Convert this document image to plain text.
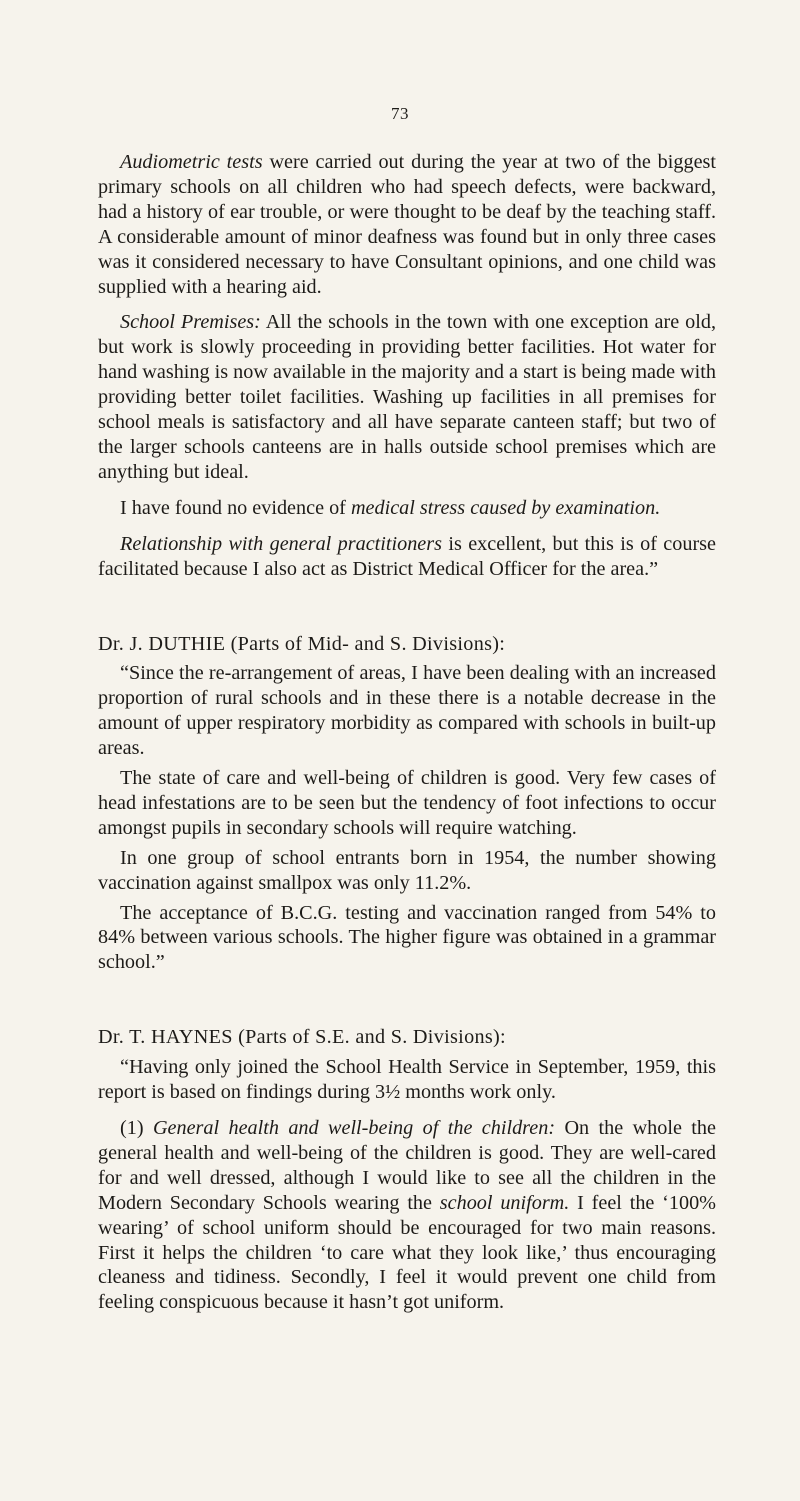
73

Audiometric tests were carried out during the year at two of the biggest primary schools on all children who had speech defects, were backward, had a history of ear trouble, or were thought to be deaf by the teaching staff. A considerable amount of minor deafness was found but in only three cases was it considered necessary to have Consultant opinions, and one child was supplied with a hearing aid.

School Premises: All the schools in the town with one exception are old, but work is slowly proceeding in providing better facilities. Hot water for hand washing is now available in the majority and a start is being made with providing better toilet facilities. Washing up facilities in all premises for school meals is satisfactory and all have separate canteen staff; but two of the larger schools canteens are in halls outside school premises which are anything but ideal.

I have found no evidence of medical stress caused by examination.

Relationship with general practitioners is excellent, but this is of course facilitated because I also act as District Medical Officer for the area.”

Dr. J. DUTHIE (Parts of Mid- and S. Divisions):

“Since the re-arrangement of areas, I have been dealing with an increased proportion of rural schools and in these there is a notable decrease in the amount of upper respiratory morbidity as compared with schools in built-up areas.

The state of care and well-being of children is good. Very few cases of head infestations are to be seen but the tendency of foot infections to occur amongst pupils in secondary schools will require watching.

In one group of school entrants born in 1954, the number showing vaccination against smallpox was only 11.2%.

The acceptance of B.C.G. testing and vaccination ranged from 54% to 84% between various schools. The higher figure was obtained in a grammar school.”

Dr. T. HAYNES (Parts of S.E. and S. Divisions):

“Having only joined the School Health Service in September, 1959, this report is based on findings during 3½ months work only.

(1) General health and well-being of the children: On the whole the general health and well-being of the children is good. They are well-cared for and well dressed, although I would like to see all the children in the Modern Secondary Schools wearing the school uniform. I feel the ‘100% wearing’ of school uniform should be encouraged for two main reasons. First it helps the children ‘to care what they look like,’ thus encouraging cleaness and tidiness. Secondly, I feel it would prevent one child from feeling conspicuous because it hasn’t got uniform.
